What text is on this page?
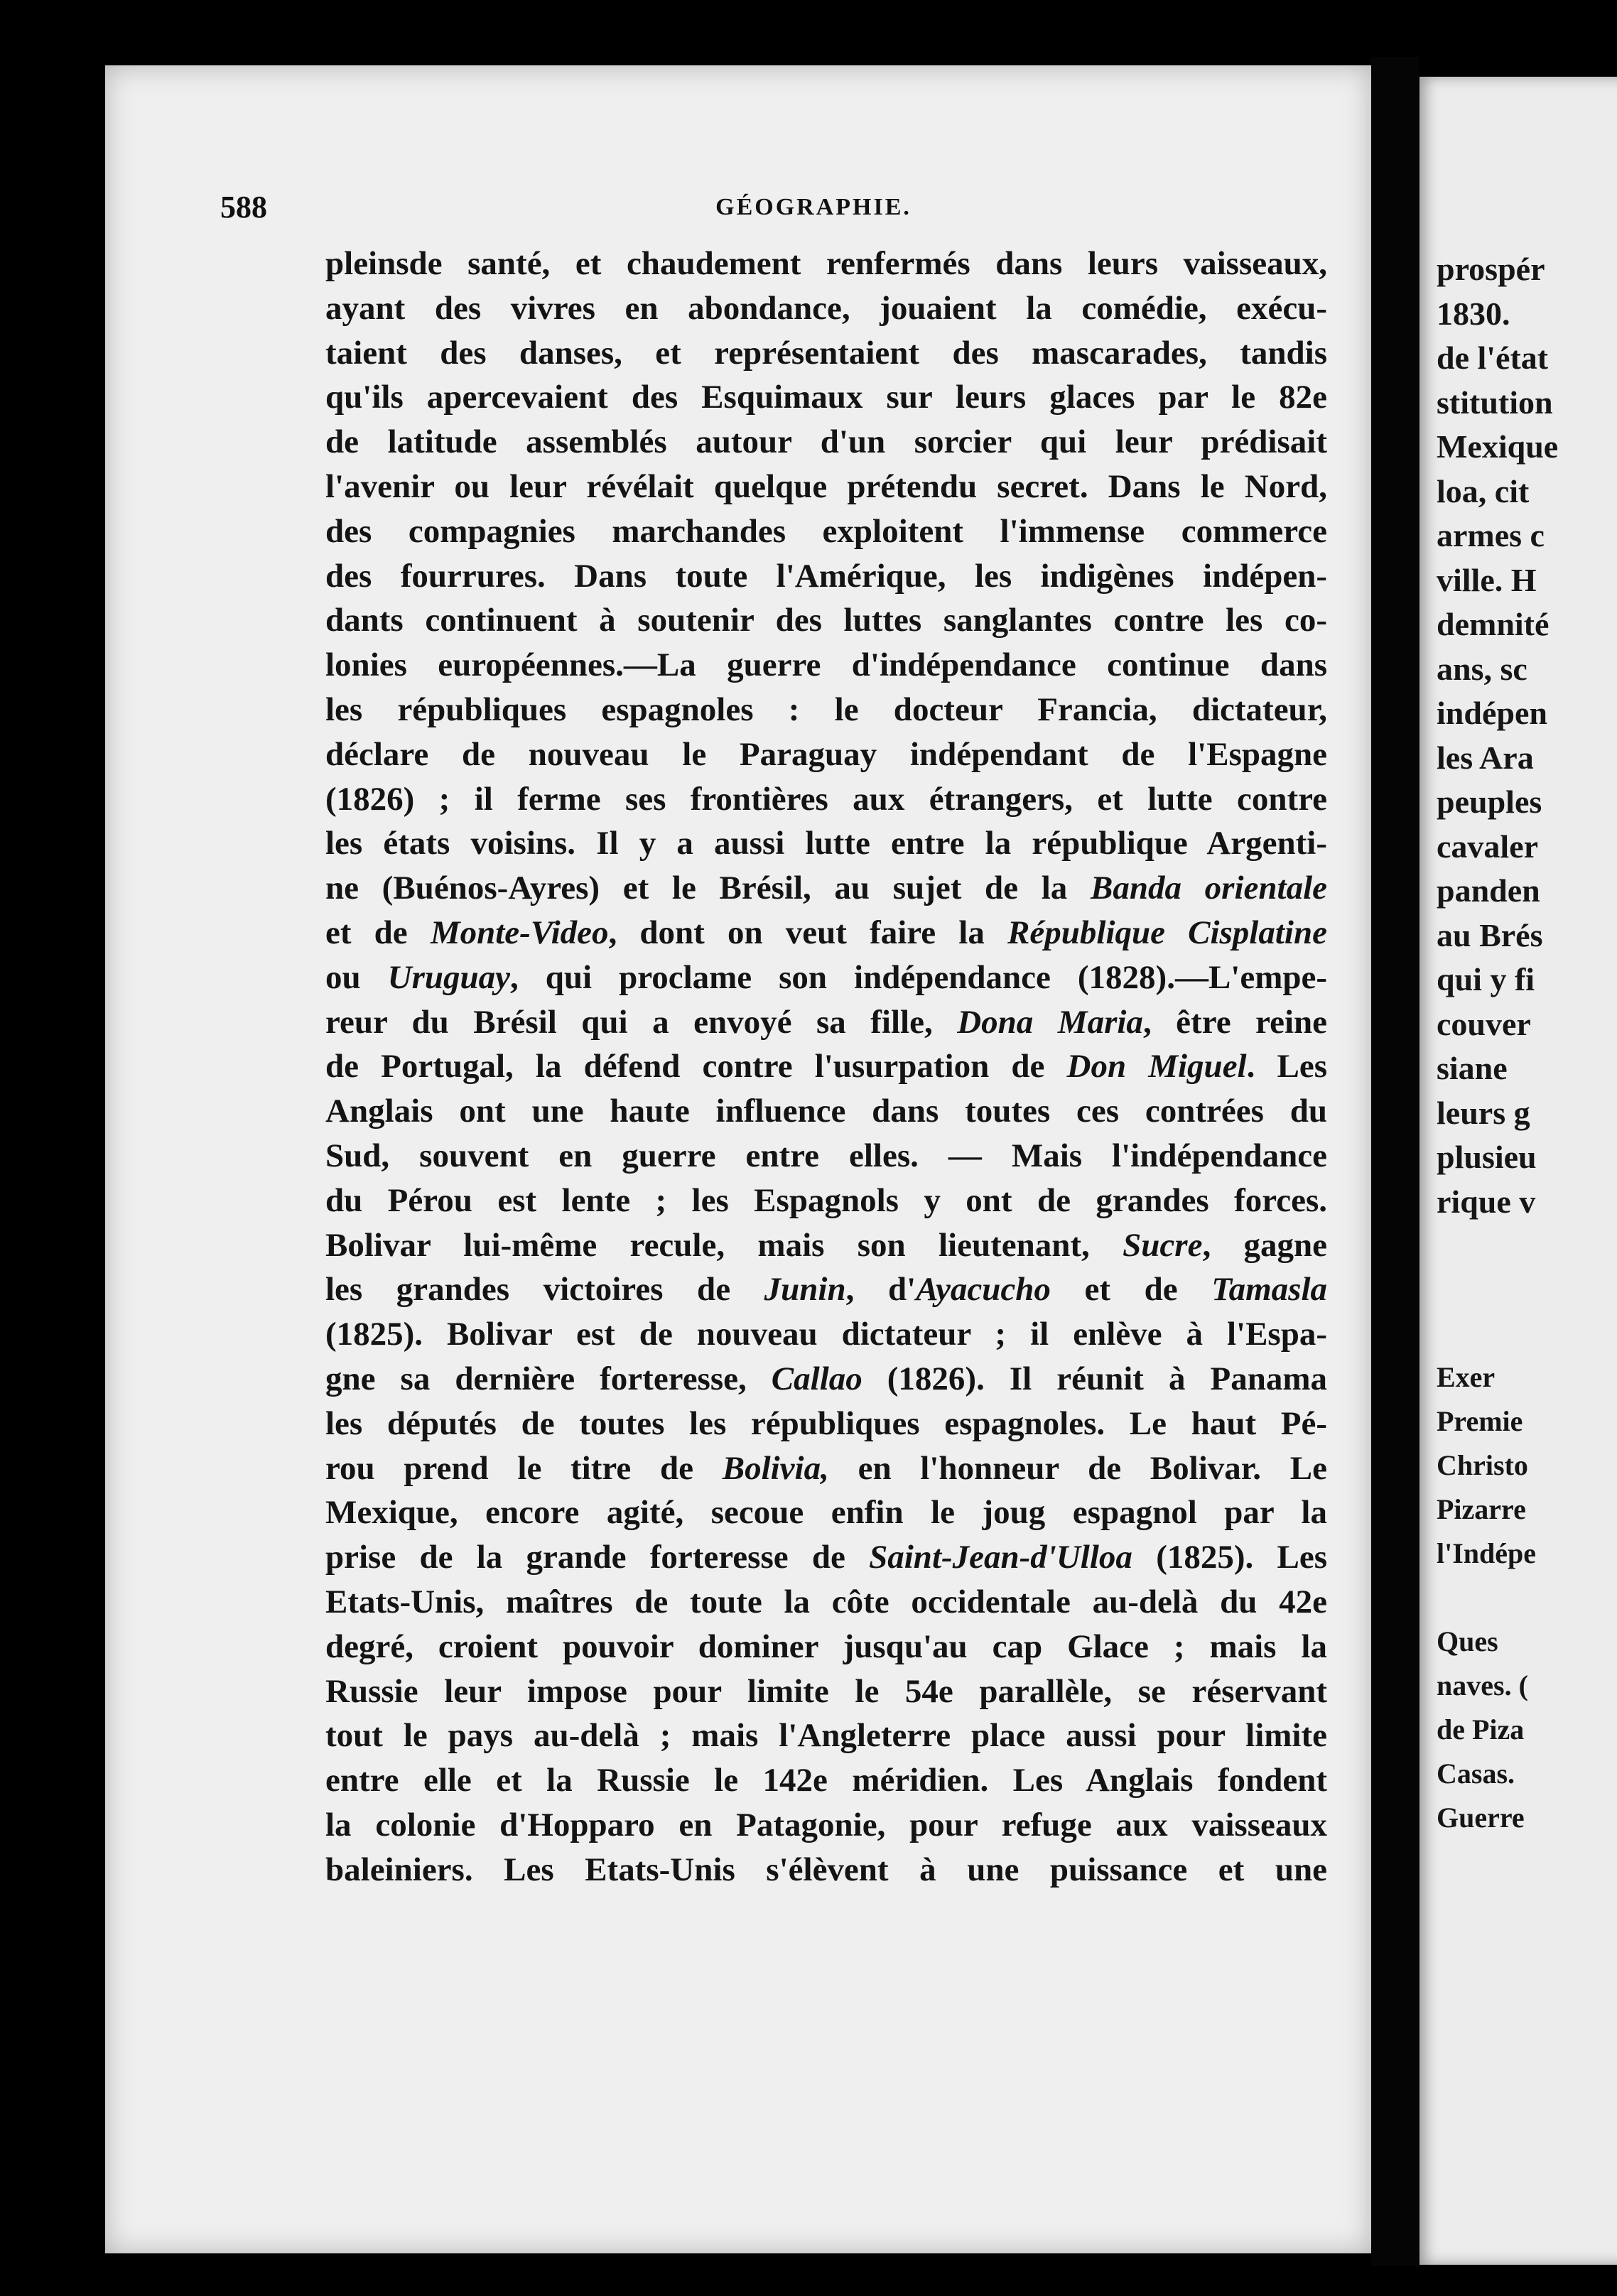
588	GÉOGRAPHIE.
pleinsde santé, et chaudement renfermés dans leurs vaisseaux,
ayant des vivres en abondance, jouaient la comédie, exécu-
taient des danses, et représentaient des mascarades, tandis
qu'ils apercevaient des Esquimaux sur leurs glaces par le 82e
de latitude assemblés autour d'un sorcier qui leur prédisait
l'avenir ou leur révélait quelque prétendu secret. Dans le Nord,
des compagnies marchandes exploitent l'immense commerce
des fourrures. Dans toute l'Amérique, les indigènes indépen-
dants continuent à soutenir des luttes sanglantes contre les co-
lonies européennes.—La guerre d'indépendance continue dans
les républiques espagnoles : le docteur Francia, dictateur,
déclare de nouveau le Paraguay indépendant de l'Espagne
(1826) ; il ferme ses frontières aux étrangers, et lutte contre
les états voisins. Il y a aussi lutte entre la république Argenti-
ne (Buénos-Ayres) et le Brésil, au sujet de la Banda orientale
et de Monte-Video, dont on veut faire la République Cisplatine
ou Uruguay, qui proclame son indépendance (1828).—L'empe-
reur du Brésil qui a envoyé sa fille, Dona Maria, être reine
de Portugal, la défend contre l'usurpation de Don Miguel. Les
Anglais ont une haute influence dans toutes ces contrées du
Sud, souvent en guerre entre elles. — Mais l'indépendance
du Pérou est lente ; les Espagnols y ont de grandes forces.
Bolivar lui-même recule, mais son lieutenant, Sucre, gagne
les grandes victoires de Junin, d'Ayacucho et de Tamasla
(1825). Bolivar est de nouveau dictateur ; il enlève à l'Espa-
gne sa dernière forteresse, Callao (1826). Il réunit à Panama
les députés de toutes les républiques espagnoles. Le haut Pé-
rou prend le titre de Bolivia, en l'honneur de Bolivar. Le
Mexique, encore agité, secoue enfin le joug espagnol par la
prise de la grande forteresse de Saint-Jean-d'Ulloa (1825). Les
Etats-Unis, maîtres de toute la côte occidentale au-delà du 42e
degré, croient pouvoir dominer jusqu'au cap Glace ; mais la
Russie leur impose pour limite le 54e parallèle, se réservant
tout le pays au-delà ; mais l'Angleterre place aussi pour limite
entre elle et la Russie le 142e méridien. Les Anglais fondent
la colonie d'Hopparo en Patagonie, pour refuge aux vaisseaux
baleiniers. Les Etats-Unis s'élèvent à une puissance et une
prospér
1830.
de l'état
stitution
Mexique
loa, cit
armes c
ville. H
demnité
ans, sc
indépen
les Ara
peuples
cavaler
panden
au Brés
qui y fi
couver
siane
leurs g
plusieu
rique v
Exer
Premie
Christo
Pizarre
l'Indépe
Ques
naves. (
de Piza
Casas.
Guerre
